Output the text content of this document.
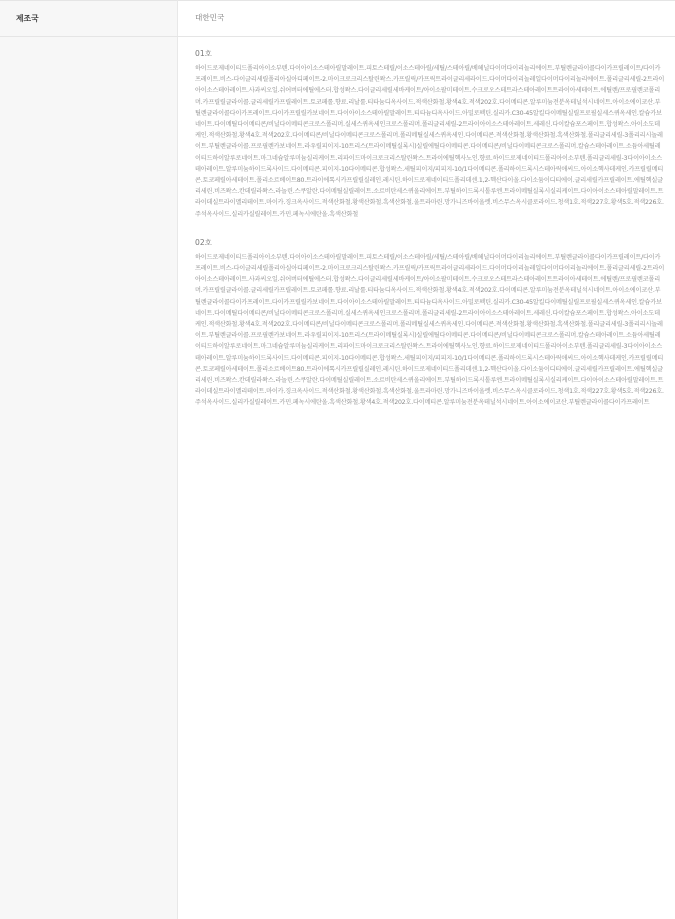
제조국	대한민국

	01호
하이드로제네이티드폴리아이소부텐.다이아이소스테아릴말레이트.피토스테릴/이소스테아릴/세틸/스테아릴/베헤닐다이머다이리놀리에이트.부틸렌글라이콜다이카프릴레이트/다이카프레이트.비스-다이글리세릴폴리아실아디페이트-2.마이크로크리스탈린왁스.카프릴릭/카프릭트라이글리세라이드.다이머다이리놀레일다이머다이리놀리에이트.폴리글리세릴-2트라이아이소스테아레이트.사과씨오일.쉬어버터에틸에스터.합성왁스.다이글리세릴세바케이트/아이소팔미테이트.수크로오스테트라스테아레이트트라이아세테이트.에틸렌/프로필렌코폴리머.카프릴릴글라이콜.글리세릴카프릴레이트.토코페롤.향료.리날룰.티타늄디옥사이드.적색산화철.황색4호.적색202호.다이메티콘.알루미늄전분옥테닐석시네이트.아이소에이코산.부틸렌글라이콜다이카프레이트.다이카프릴릴카보네이트.다이아이소스테아릴말레이트.티타늄디옥사이드.아밀로펙틴.실리카.C30-45알킬다이메틸실릴프로필실세스퀴옥세인.칼슘카보네이트.다이메틸다이메티콘/비닐다이메티콘크로스폴리머.실세스퀴옥세인크로스폴리머.폴리글리세릴-2트라이아이소스테아레이트.세레신.다이칼슘포스페이트.합성왁스.아이소도데케인.적색산화철.황색4호.적색202호.다이메티콘/비닐다이메티콘크로스폴리머.폴리메틸실세스퀴옥세인.다이메티콘.적색산화철.황색산화철.흑색산화철.폴리글리세릴-3폴리리시놀레이트.부틸렌글라이콜.프로필렌카보네이트.라우릴피이지-10트리스(트라이메틸실록시)실릴에틸다이메티콘.다이메티콘/비닐다이메티콘크로스폴리머.칼슘스테아레이트.소듐아세틸레이티드하이알루로네이트.마그네슘알루미늄실리케이트.리파이드마이크로크리스탈린왁스.트라이에틸헥사노인.향료.하이드로제네이티드폴리아이소부텐.폴리글리세릴-3다이아이소스테아레이트.알루미늄하이드록사이드.다이메티콘.피이지-10다이메티콘.합성왁스.세틸피이지/피피지-10/1다이메티콘.폴리하이드록시스테아릭애씨드.아이소헥사데케인.카프릴릴메티콘.토코페릴아세테이트.폴리소르베이트80.트라이에톡시카프릴릴실레인.레시틴.하이드로제네이티드폴리데센.1,2-헥산다이올.다이소듐이디티에이.글리세릴카프릴레이트.에틸헥실글리세린.비즈왁스.칸데릴라왁스.라놀린.스쿠알란.다이메틸실릴레이트.소르비탄세스퀴올리에이트.부틸하이드록시톨루엔.트라이메틸실록시실리케이트.다이아이소스테아릴말레이트.트라이데실트라이멜리테이트.마이카.징크옥사이드.적색산화철.황색산화철.흑색산화철.울트라마린.망가니즈바이올렛.비스무스옥시클로라이드.청색1호.적색227호.황색5호.적색226호.주석옥사이드.실리카실릴레이트.카민.페녹시에탄올.흑색산화철
02호
하이드로제네이티드폴리아이소부텐.다이아이소스테아릴말레이트.피토스테릴/이소스테아릴/세틸/스테아릴/베헤닐다이머다이리놀리에이트.부틸렌글라이콜다이카프릴레이트/다이카프레이트.비스-다이글리세릴폴리아실아디페이트-2.마이크로크리스탈린왁스.카프릴릭/카프릭트라이글리세라이드.다이머다이리놀레일다이머다이리놀리에이트.폴리글리세릴-2트라이아이소스테아레이트.사과씨오일.쉬어버터에틸에스터.합성왁스.다이글리세릴세바케이트/아이소팔미테이트.수크로오스테트라스테아레이트트라이아세테이트.에틸렌/프로필렌코폴리머.카프릴릴글라이콜.글리세릴카프릴레이트.토코페롤.향료.리날룰.티타늄디옥사이드.적색산화철.황색4호.적색202호.다이메티콘.알루미늄전분옥테닐석시네이트.아이소에이코산.부틸렌글라이콜다이카프레이트.다이카프릴릴카보네이트.다이아이소스테아릴말레이트.티타늄디옥사이드.아밀로펙틴.실리카.C30-45알킬다이메틸실릴프로필실세스퀴옥세인.칼슘카보네이트.다이메틸다이메티콘/비닐다이메티콘크로스폴리머.실세스퀴옥세인크로스폴리머.폴리글리세릴-2트라이아이소스테아레이트.세레신.다이칼슘포스페이트.합성왁스.아이소도데케인.적색산화철.황색4호.적색202호.다이메티콘/비닐다이메티콘크로스폴리머.폴리메틸실세스퀴옥세인.다이메티콘.적색산화철.황색산화철.흑색산화철.폴리글리세릴-3폴리리시놀레이트.부틸렌글라이콜.프로필렌카보네이트.라우릴피이지-10트리스(트라이메틸실록시)실릴에틸다이메티콘.다이메티콘/비닐다이메티콘크로스폴리머.칼슘스테아레이트.소듐아세틸레이티드하이알루로네이트.마그네슘알루미늄실리케이트.리파이드마이크로크리스탈린왁스.트라이에틸헥사노인.향료.하이드로제네이티드폴리아이소부텐.폴리글리세릴-3다이아이소스테아레이트.알루미늄하이드록사이드.다이메티콘.피이지-10다이메티콘.합성왁스.세틸피이지/피피지-10/1다이메티콘.폴리하이드록시스테아릭애씨드.아이소헥사데케인.카프릴릴메티콘.토코페릴아세테이트.폴리소르베이트80.트라이에톡시카프릴릴실레인.레시틴.하이드로제네이티드폴리데센.1,2-헥산다이올.다이소듐이디티에이.글리세릴카프릴레이트.에틸헥실글리세린.비즈왁스.칸데릴라왁스.라놀린.스쿠알란.다이메틸실릴레이트.소르비탄세스퀴올리에이트.부틸하이드록시톨루엔.트라이메틸실록시실리케이트.다이아이소스테아릴말레이트.트라이데실트라이멜리테이트.마이카.징크옥사이드.적색산화철.황색산화철.흑색산화철.울트라마린.망가니즈바이올렛.비스무스옥시클로라이드.청색1호.적색227호.황색5호.적색226호.주석옥사이드.실리카실릴레이트.카민.페녹시에탄올.흑색산화철.황색4호.적색202호.다이메티콘.알루미늄전분옥테닐석시네이트.아이소에이코산.부틸렌글라이콜다이카프레이트
